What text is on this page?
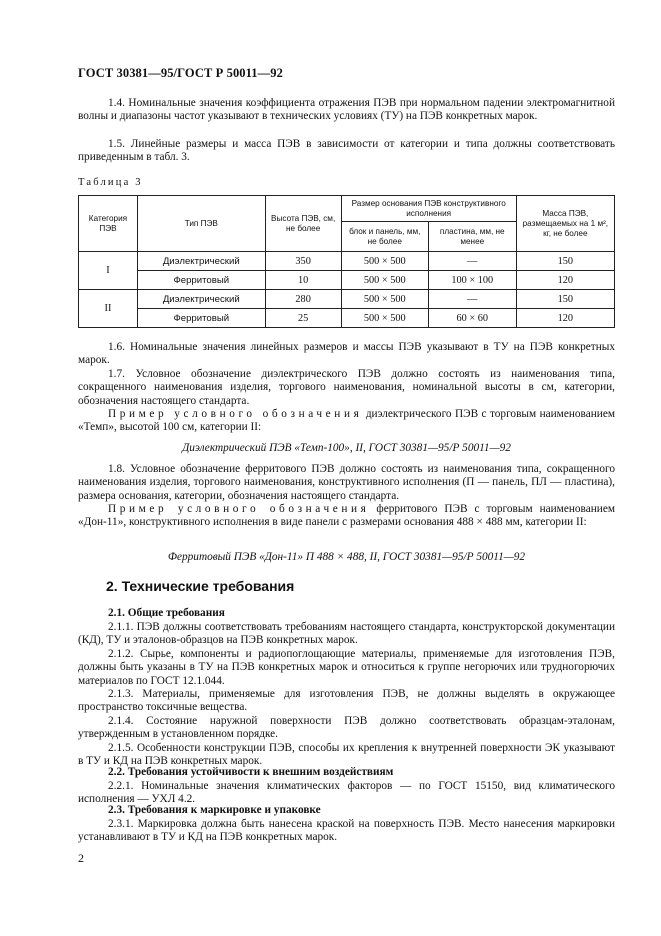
ГОСТ 30381—95/ГОСТ Р 50011—92
1.4. Номинальные значения коэффициента отражения ПЭВ при нормальном падении электромагнитной волны и диапазоны частот указывают в технических условиях (ТУ) на ПЭВ конкретных марок.
1.5. Линейные размеры и масса ПЭВ в зависимости от категории и типа должны соответствовать приведенным в табл. 3.
Таблица 3
Категория ПЭВ	Тип ПЭВ	Высота ПЭВ, см, не более	Размер основания ПЭВ конструктивного исполнения		Масса ПЭВ, размещаемых на 1 м², кг, не более
			блок и панель, мм, не более	пластина, мм, не менее	
I	Диэлектрический	350	500 × 500	—	150
	Ферритовый	10	500 × 500	100 × 100	120
II	Диэлектрический	280	500 × 500	—	150
	Ферритовый	25	500 × 500	60 × 60	120
1.6. Номинальные значения линейных размеров и массы ПЭВ указывают в ТУ на ПЭВ конкретных марок.
1.7. Условное обозначение диэлектрического ПЭВ должно состоять из наименования типа, сокращенного наименования изделия, торгового наименования, номинальной высоты в см, категории, обозначения настоящего стандарта.
Пример условного обозначения диэлектрического ПЭВ с торговым наименованием «Темп», высотой 100 см, категории II:
Диэлектрический ПЭВ «Темп-100», II, ГОСТ 30381—95/Р 50011—92
1.8. Условное обозначение ферритового ПЭВ должно состоять из наименования типа, сокращенного наименования изделия, торгового наименования, конструктивного исполнения (П — панель, ПЛ — пластина), размера основания, категории, обозначения настоящего стандарта.
Пример условного обозначения ферритового ПЭВ с торговым наименованием «Дон-11», конструктивного исполнения в виде панели с размерами основания 488 × 488 мм, категории II:
Ферритовый ПЭВ «Дон-11» П 488 × 488, II, ГОСТ 30381—95/Р 50011—92
2. Технические требования
2.1. Общие требования
2.1.1. ПЭВ должны соответствовать требованиям настоящего стандарта, конструкторской документации (КД), ТУ и эталонов-образцов на ПЭВ конкретных марок.
2.1.2. Сырье, компоненты и радиопоглощающие материалы, применяемые для изготовления ПЭВ, должны быть указаны в ТУ на ПЭВ конкретных марок и относиться к группе негорючих или трудногорючих материалов по ГОСТ 12.1.044.
2.1.3. Материалы, применяемые для изготовления ПЭВ, не должны выделять в окружающее пространство токсичные вещества.
2.1.4. Состояние наружной поверхности ПЭВ должно соответствовать образцам-эталонам, утвержденным в установленном порядке.
2.1.5. Особенности конструкции ПЭВ, способы их крепления к внутренней поверхности ЭК указывают в ТУ и КД на ПЭВ конкретных марок.
2.2. Требования устойчивости к внешним воздействиям
2.2.1. Номинальные значения климатических факторов — по ГОСТ 15150, вид климатического исполнения — УХЛ 4.2.
2.3. Требования к маркировке и упаковке
2.3.1. Маркировка должна быть нанесена краской на поверхность ПЭВ. Место нанесения маркировки устанавливают в ТУ и КД на ПЭВ конкретных марок.
2
